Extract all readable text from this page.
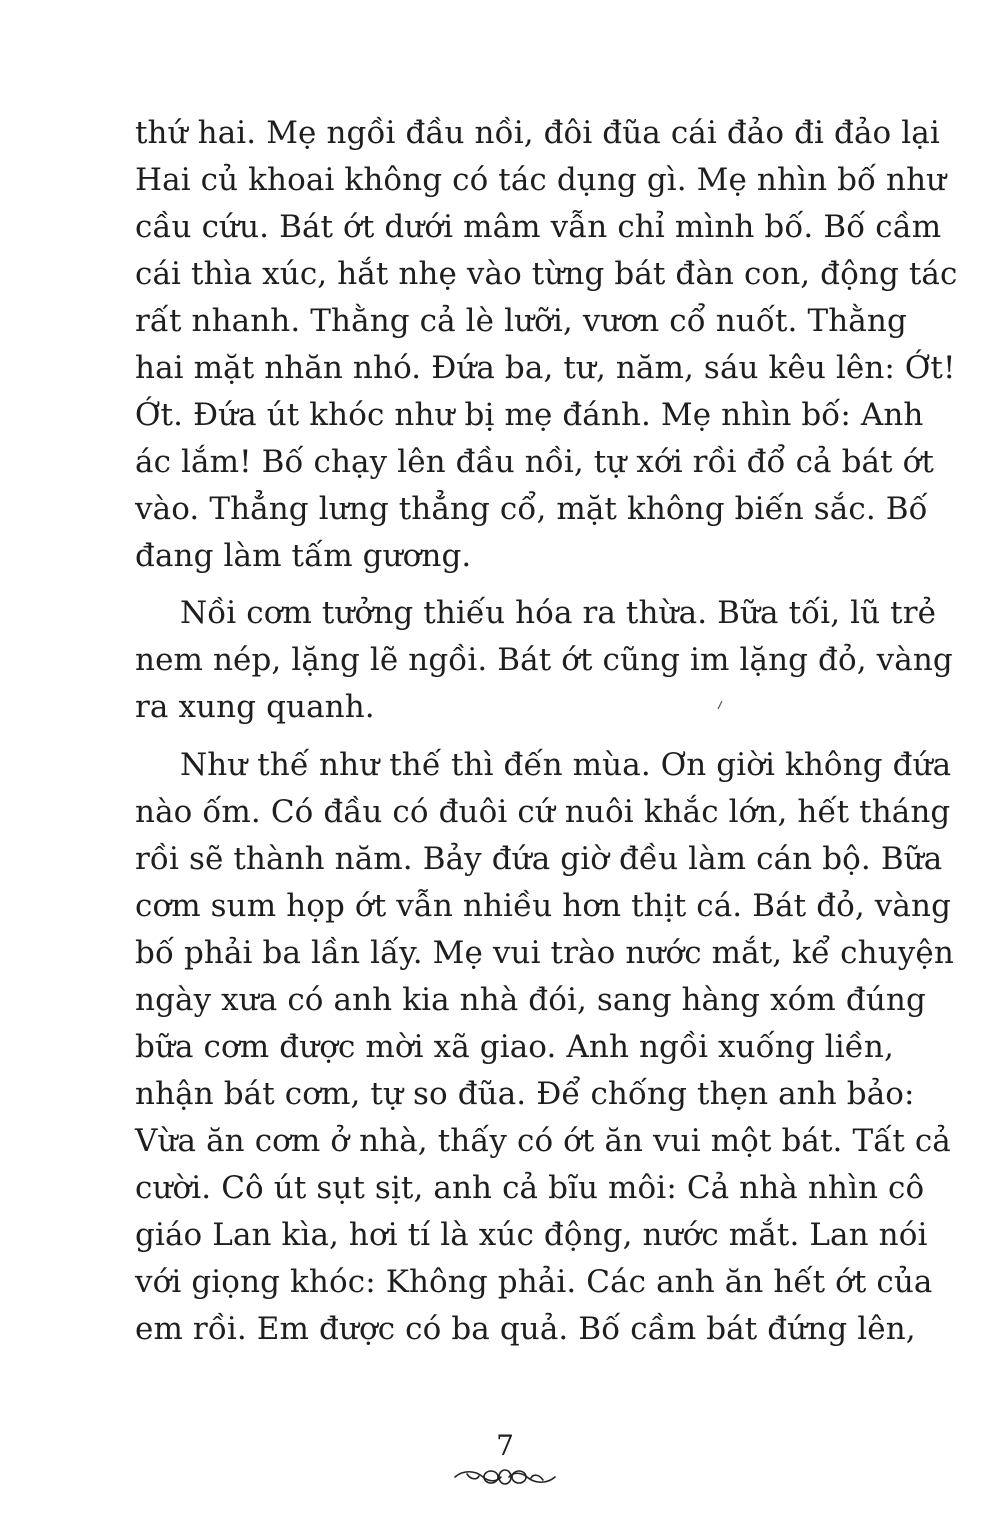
thứ hai. Mẹ ngồi đầu nồi, đôi đũa cái đảo đi đảo lại
Hai củ khoai không có tác dụng gì. Mẹ nhìn bố như
cầu cứu. Bát ớt dưới mâm vẫn chỉ mình bố. Bố cầm
cái thìa xúc, hắt nhẹ vào từng bát đàn con, động tác
rất nhanh. Thằng cả lè lưỡi, vươn cổ nuốt. Thằng
hai mặt nhăn nhó. Đứa ba, tư, năm, sáu kêu lên: Ớt!
Ớt. Đứa út khóc như bị mẹ đánh. Mẹ nhìn bố: Anh
ác lắm! Bố chạy lên đầu nồi, tự xới rồi đổ cả bát ớt
vào. Thẳng lưng thẳng cổ, mặt không biến sắc. Bố
đang làm tấm gương.
Nồi cơm tưởng thiếu hóa ra thừa. Bữa tối, lũ trẻ
nem nép, lặng lẽ ngồi. Bát ớt cũng im lặng đỏ, vàng
ra xung quanh.
Như thế như thế thì đến mùa. Ơn giời không đứa
nào ốm. Có đầu có đuôi cứ nuôi khắc lớn, hết tháng
rồi sẽ thành năm. Bảy đứa giờ đều làm cán bộ. Bữa
cơm sum họp ớt vẫn nhiều hơn thịt cá. Bát đỏ, vàng
bố phải ba lần lấy. Mẹ vui trào nước mắt, kể chuyện
ngày xưa có anh kia nhà đói, sang hàng xóm đúng
bữa cơm được mời xã giao. Anh ngồi xuống liền,
nhận bát cơm, tự so đũa. Để chống thẹn anh bảo:
Vừa ăn cơm ở nhà, thấy có ớt ăn vui một bát. Tất cả
cười. Cô út sụt sịt, anh cả bĩu môi: Cả nhà nhìn cô
giáo Lan kìa, hơi tí là xúc động, nước mắt. Lan nói
với giọng khóc: Không phải. Các anh ăn hết ớt của
em rồi. Em được có ba quả. Bố cầm bát đứng lên,
7
